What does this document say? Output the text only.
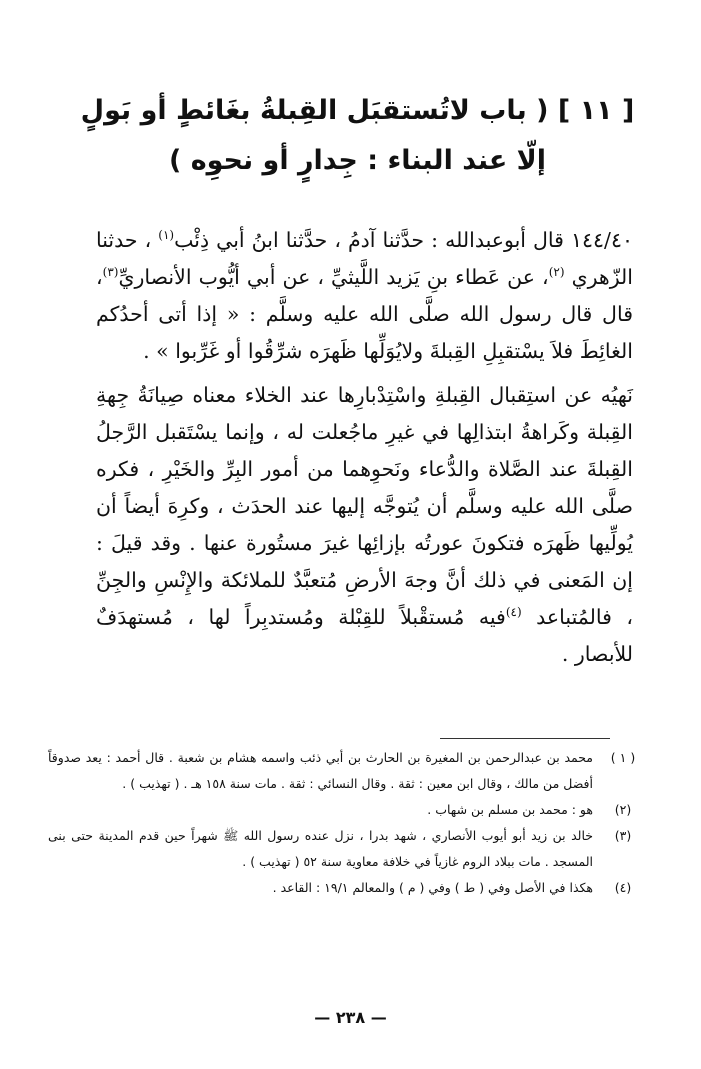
[ ١١ ] ( باب لاتُستقبَل القِبلةُ بغَائطٍ أو بَولٍ
إلّا عند البناء : جِدارٍ أو نحوِه )

١٤٤/٤٠ قال أبوعبدالله : حدَّثنا آدمُ ، حدَّثنا ابنُ أبي ذِئْب$^{(١)}$ ، حدثنا الزّهري $^{(٢)}$، عن عَطاء بنِ يَزيد اللَّيثيِّ ، عن أبي أيُّوب الأنصاريِّ$^{(٣)}$، قال قال رسول الله صلَّى الله عليه وسلَّم : « إذا أتى أحدُكم الغائِطَ فلاَ يسْتقبِلِ القِبلةَ ولايُوَلِّها ظَهرَه شرِّقُوا أو غَرِّبوا » .

نَهيُه عن استِقبال القِبلةِ واسْتِدْبارِها عند الخلاء معناه صِيانَةُ جِهةِ القِبلة وكَراهةُ ابتذالِها في غيرِ ماجُعلت له ، وإنما يسْتَقبل الرَّجلُ القِبلةَ عند الصَّلاة والدُّعاء ونَحوِهما من أمور البِرِّ والخَيْرِ ، فكره صلَّى الله عليه وسلَّم أن يُتوجَّه إليها عند الحدَث ، وكرِهَ أيضاً أن يُولِّيها ظَهرَه فتكونَ عورتُه بإزائِها غيرَ مستُورة عنها . وقد قيلَ : إن المَعنى في ذلك أنَّ وجهَ الأرضِ مُتعبَّدٌ للملائكة والإِنْسِ والجِنِّ ، فالمُتباعد $^{(٤)}$فيه مُستقْبلاً للقِبْلة ومُستدبِراً لها ، مُستهدَفٌ للأبصار .

( ١ )
محمد بن عبدالرحمن بن المغيرة بن الحارث بن أبي ذئب واسمه هشام بن شعبة . قال أحمد : يعد صدوقاً أفضل من مالك ، وقال ابن معين : ثقة . وقال النسائي : ثقة . مات سنة ١٥٨ هـ . ( تهذيب ) .
(٢)
هو : محمد بن مسلم بن شهاب .
(٣)
خالد بن زيد أبو أيوب الأنصاري ، شهد بدرا ، نزل عنده رسول الله ﷺ شهراً حين قدم المدينة حتى بنى المسجد . مات ببلاد الروم غازياً في خلافة معاوية سنة ٥٢ ( تهذيب ) .
(٤)
هكذا في الأصل وفي ( ط ) وفي ( م ) والمعالم ١٩/١ : القاعد .
— ٢٣٨ —
